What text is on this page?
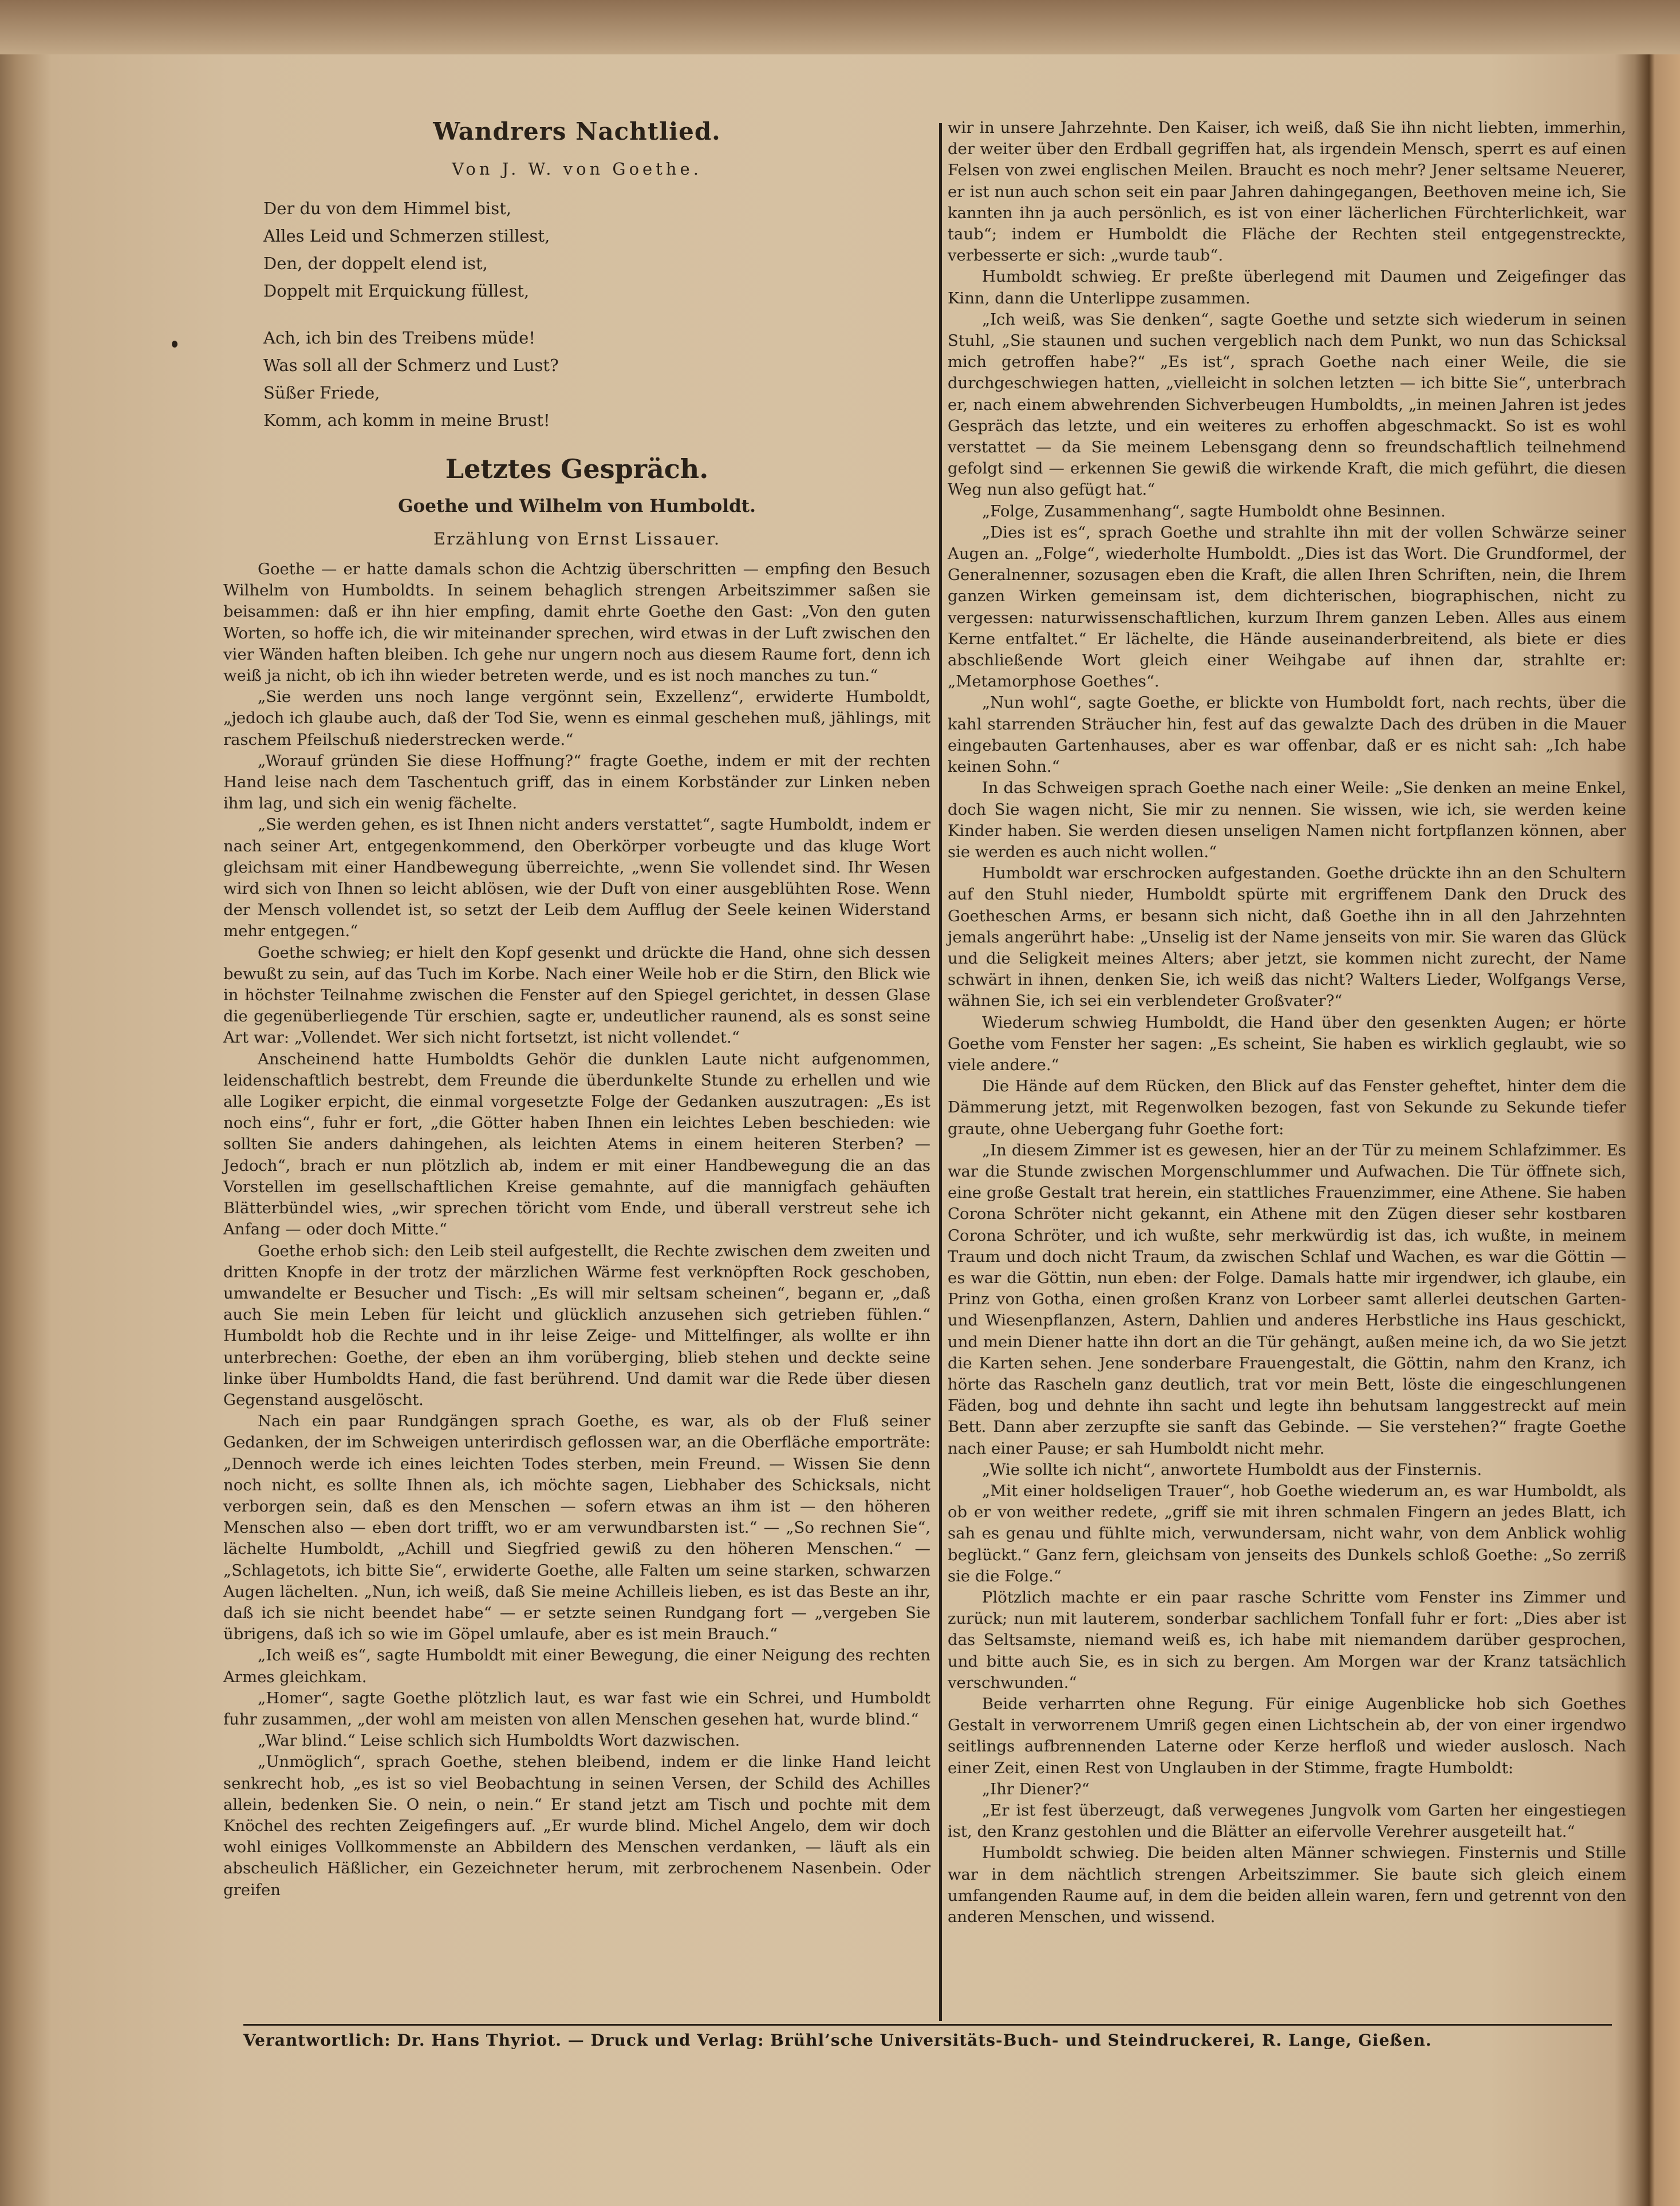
Wandrers Nachtlied.
Von J. W. von Goethe.
Der du von dem Himmel bist,
Alles Leid und Schmerzen stillest,
Den, der doppelt elend ist,
Doppelt mit Erquickung füllest,
Ach, ich bin des Treibens müde!
Was soll all der Schmerz und Lust?
Süßer Friede,
Komm, ach komm in meine Brust!
Letztes Gespräch.
Goethe und Wilhelm von Humboldt.
Erzählung von Ernst Lissauer.

Goethe — er hatte damals schon die Achtzig überschritten — empfing den Besuch Wilhelm von Humboldts. In seinem behaglich strengen Arbeitszimmer saßen sie beisammen: daß er ihn hier empfing, damit ehrte Goethe den Gast: „Von den guten Worten, so hoffe ich, die wir miteinander sprechen, wird etwas in der Luft zwischen den vier Wänden haften bleiben. Ich gehe nur ungern noch aus diesem Raume fort, denn ich weiß ja nicht, ob ich ihn wieder betreten werde, und es ist noch manches zu tun.“

„Sie werden uns noch lange vergönnt sein, Exzellenz“, erwiderte Humboldt, „jedoch ich glaube auch, daß der Tod Sie, wenn es einmal geschehen muß, jählings, mit raschem Pfeilschuß niederstrecken werde.“

„Worauf gründen Sie diese Hoffnung?“ fragte Goethe, indem er mit der rechten Hand leise nach dem Taschentuch griff, das in einem Korbständer zur Linken neben ihm lag, und sich ein wenig fächelte.

„Sie werden gehen, es ist Ihnen nicht anders verstattet“, sagte Humboldt, indem er nach seiner Art, entgegenkommend, den Oberkörper vorbeugte und das kluge Wort gleichsam mit einer Handbewegung überreichte, „wenn Sie vollendet sind. Ihr Wesen wird sich von Ihnen so leicht ablösen, wie der Duft von einer ausgeblühten Rose. Wenn der Mensch vollendet ist, so setzt der Leib dem Aufflug der Seele keinen Widerstand mehr entgegen.“

Goethe schwieg; er hielt den Kopf gesenkt und drückte die Hand, ohne sich dessen bewußt zu sein, auf das Tuch im Korbe. Nach einer Weile hob er die Stirn, den Blick wie in höchster Teilnahme zwischen die Fenster auf den Spiegel gerichtet, in dessen Glase die gegenüberliegende Tür erschien, sagte er, undeutlicher raunend, als es sonst seine Art war: „Vollendet. Wer sich nicht fortsetzt, ist nicht vollendet.“

Anscheinend hatte Humboldts Gehör die dunklen Laute nicht aufgenommen, leidenschaftlich bestrebt, dem Freunde die überdunkelte Stunde zu erhellen und wie alle Logiker erpicht, die einmal vorgesetzte Folge der Gedanken auszutragen: „Es ist noch eins“, fuhr er fort, „die Götter haben Ihnen ein leichtes Leben beschieden: wie sollten Sie anders dahingehen, als leichten Atems in einem heiteren Sterben? — Jedoch“, brach er nun plötzlich ab, indem er mit einer Handbewegung die an das Vorstellen im gesellschaftlichen Kreise gemahnte, auf die mannigfach gehäuften Blätterbündel wies, „wir sprechen töricht vom Ende, und überall verstreut sehe ich Anfang — oder doch Mitte.“

Goethe erhob sich: den Leib steil aufgestellt, die Rechte zwischen dem zweiten und dritten Knopfe in der trotz der märzlichen Wärme fest verknöpften Rock geschoben, umwandelte er Besucher und Tisch: „Es will mir seltsam scheinen“, begann er, „daß auch Sie mein Leben für leicht und glücklich anzusehen sich getrieben fühlen.“ Humboldt hob die Rechte und in ihr leise Zeige- und Mittelfinger, als wollte er ihn unterbrechen: Goethe, der eben an ihm vorüberging, blieb stehen und deckte seine linke über Humboldts Hand, die fast berührend. Und damit war die Rede über diesen Gegenstand ausgelöscht.

Nach ein paar Rundgängen sprach Goethe, es war, als ob der Fluß seiner Gedanken, der im Schweigen unterirdisch geflossen war, an die Oberfläche emporträte: „Dennoch werde ich eines leichten Todes sterben, mein Freund. — Wissen Sie denn noch nicht, es sollte Ihnen als, ich möchte sagen, Liebhaber des Schicksals, nicht verborgen sein, daß es den Menschen — sofern etwas an ihm ist — den höheren Menschen also — eben dort trifft, wo er am verwundbarsten ist.“ — „So rechnen Sie“, lächelte Humboldt, „Achill und Siegfried gewiß zu den höheren Menschen.“ — „Schlagetots, ich bitte Sie“, erwiderte Goethe, alle Falten um seine starken, schwarzen Augen lächelten. „Nun, ich weiß, daß Sie meine Achilleis lieben, es ist das Beste an ihr, daß ich sie nicht beendet habe“ — er setzte seinen Rundgang fort — „vergeben Sie übrigens, daß ich so wie im Göpel umlaufe, aber es ist mein Brauch.“

„Ich weiß es“, sagte Humboldt mit einer Bewegung, die einer Neigung des rechten Armes gleichkam.

„Homer“, sagte Goethe plötzlich laut, es war fast wie ein Schrei, und Humboldt fuhr zusammen, „der wohl am meisten von allen Menschen gesehen hat, wurde blind.“

„War blind.“ Leise schlich sich Humboldts Wort dazwischen.

„Unmöglich“, sprach Goethe, stehen bleibend, indem er die linke Hand leicht senkrecht hob, „es ist so viel Beobachtung in seinen Versen, der Schild des Achilles allein, bedenken Sie. O nein, o nein.“ Er stand jetzt am Tisch und pochte mit dem Knöchel des rechten Zeigefingers auf. „Er wurde blind. Michel Angelo, dem wir doch wohl einiges Vollkommenste an Abbildern des Menschen verdanken, — läuft als ein abscheulich Häßlicher, ein Gezeichneter herum, mit zerbrochenem Nasenbein. Oder greifen

wir in unsere Jahrzehnte. Den Kaiser, ich weiß, daß Sie ihn nicht liebten, immerhin, der weiter über den Erdball gegriffen hat, als irgendein Mensch, sperrt es auf einen Felsen von zwei englischen Meilen. Braucht es noch mehr? Jener seltsame Neuerer, er ist nun auch schon seit ein paar Jahren dahingegangen, Beethoven meine ich, Sie kannten ihn ja auch persönlich, es ist von einer lächerlichen Fürchterlichkeit, war taub“; indem er Humboldt die Fläche der Rechten steil entgegenstreckte, verbesserte er sich: „wurde taub“.

Humboldt schwieg. Er preßte überlegend mit Daumen und Zeigefinger das Kinn, dann die Unterlippe zusammen.

„Ich weiß, was Sie denken“, sagte Goethe und setzte sich wiederum in seinen Stuhl, „Sie staunen und suchen vergeblich nach dem Punkt, wo nun das Schicksal mich getroffen habe?“ „Es ist“, sprach Goethe nach einer Weile, die sie durchgeschwiegen hatten, „vielleicht in solchen letzten — ich bitte Sie“, unterbrach er, nach einem abwehrenden Sichverbeugen Humboldts, „in meinen Jahren ist jedes Gespräch das letzte, und ein weiteres zu erhoffen abgeschmackt. So ist es wohl verstattet — da Sie meinem Lebensgang denn so freundschaftlich teilnehmend gefolgt sind — erkennen Sie gewiß die wirkende Kraft, die mich geführt, die diesen Weg nun also gefügt hat.“

„Folge, Zusammenhang“, sagte Humboldt ohne Besinnen.

„Dies ist es“, sprach Goethe und strahlte ihn mit der vollen Schwärze seiner Augen an. „Folge“, wiederholte Humboldt. „Dies ist das Wort. Die Grundformel, der Generalnenner, sozusagen eben die Kraft, die allen Ihren Schriften, nein, die Ihrem ganzen Wirken gemeinsam ist, dem dichterischen, biographischen, nicht zu vergessen: naturwissenschaftlichen, kurzum Ihrem ganzen Leben. Alles aus einem Kerne entfaltet.“ Er lächelte, die Hände auseinanderbreitend, als biete er dies abschließende Wort gleich einer Weihgabe auf ihnen dar, strahlte er: „Metamorphose Goethes“.

„Nun wohl“, sagte Goethe, er blickte von Humboldt fort, nach rechts, über die kahl starrenden Sträucher hin, fest auf das gewalzte Dach des drüben in die Mauer eingebauten Gartenhauses, aber es war offenbar, daß er es nicht sah: „Ich habe keinen Sohn.“

In das Schweigen sprach Goethe nach einer Weile: „Sie denken an meine Enkel, doch Sie wagen nicht, Sie mir zu nennen. Sie wissen, wie ich, sie werden keine Kinder haben. Sie werden diesen unseligen Namen nicht fortpflanzen können, aber sie werden es auch nicht wollen.“

Humboldt war erschrocken aufgestanden. Goethe drückte ihn an den Schultern auf den Stuhl nieder, Humboldt spürte mit ergriffenem Dank den Druck des Goetheschen Arms, er besann sich nicht, daß Goethe ihn in all den Jahrzehnten jemals angerührt habe: „Unselig ist der Name jenseits von mir. Sie waren das Glück und die Seligkeit meines Alters; aber jetzt, sie kommen nicht zurecht, der Name schwärt in ihnen, denken Sie, ich weiß das nicht? Walters Lieder, Wolfgangs Verse, wähnen Sie, ich sei ein verblendeter Großvater?“

Wiederum schwieg Humboldt, die Hand über den gesenkten Augen; er hörte Goethe vom Fenster her sagen: „Es scheint, Sie haben es wirklich geglaubt, wie so viele andere.“

Die Hände auf dem Rücken, den Blick auf das Fenster geheftet, hinter dem die Dämmerung jetzt, mit Regenwolken bezogen, fast von Sekunde zu Sekunde tiefer graute, ohne Uebergang fuhr Goethe fort:

„In diesem Zimmer ist es gewesen, hier an der Tür zu meinem Schlafzimmer. Es war die Stunde zwischen Morgenschlummer und Aufwachen. Die Tür öffnete sich, eine große Gestalt trat herein, ein stattliches Frauenzimmer, eine Athene. Sie haben Corona Schröter nicht gekannt, ein Athene mit den Zügen dieser sehr kostbaren Corona Schröter, und ich wußte, sehr merkwürdig ist das, ich wußte, in meinem Traum und doch nicht Traum, da zwischen Schlaf und Wachen, es war die Göttin — es war die Göttin, nun eben: der Folge. Damals hatte mir irgendwer, ich glaube, ein Prinz von Gotha, einen großen Kranz von Lorbeer samt allerlei deutschen Garten- und Wiesenpflanzen, Astern, Dahlien und anderes Herbstliche ins Haus geschickt, und mein Diener hatte ihn dort an die Tür gehängt, außen meine ich, da wo Sie jetzt die Karten sehen. Jene sonderbare Frauengestalt, die Göttin, nahm den Kranz, ich hörte das Rascheln ganz deutlich, trat vor mein Bett, löste die eingeschlungenen Fäden, bog und dehnte ihn sacht und legte ihn behutsam langgestreckt auf mein Bett. Dann aber zerzupfte sie sanft das Gebinde. — Sie verstehen?“ fragte Goethe nach einer Pause; er sah Humboldt nicht mehr.

„Wie sollte ich nicht“, anwortete Humboldt aus der Finsternis.

„Mit einer holdseligen Trauer“, hob Goethe wiederum an, es war Humboldt, als ob er von weither redete, „griff sie mit ihren schmalen Fingern an jedes Blatt, ich sah es genau und fühlte mich, verwundersam, nicht wahr, von dem Anblick wohlig beglückt.“ Ganz fern, gleichsam von jenseits des Dunkels schloß Goethe: „So zerriß sie die Folge.“

Plötzlich machte er ein paar rasche Schritte vom Fenster ins Zimmer und zurück; nun mit lauterem, sonderbar sachlichem Tonfall fuhr er fort: „Dies aber ist das Seltsamste, niemand weiß es, ich habe mit niemandem darüber gesprochen, und bitte auch Sie, es in sich zu bergen. Am Morgen war der Kranz tatsächlich verschwunden.“

Beide verharrten ohne Regung. Für einige Augenblicke hob sich Goethes Gestalt in verworrenem Umriß gegen einen Lichtschein ab, der von einer irgendwo seitlings aufbrennenden Laterne oder Kerze herfloß und wieder auslosch. Nach einer Zeit, einen Rest von Unglauben in der Stimme, fragte Humboldt:

„Ihr Diener?“

„Er ist fest überzeugt, daß verwegenes Jungvolk vom Garten her eingestiegen ist, den Kranz gestohlen und die Blätter an eifervolle Verehrer ausgeteilt hat.“

Humboldt schwieg. Die beiden alten Männer schwiegen. Finsternis und Stille war in dem nächtlich strengen Arbeitszimmer. Sie baute sich gleich einem umfangenden Raume auf, in dem die beiden allein waren, fern und getrennt von den anderen Menschen, und wissend.

Verantwortlich: Dr. Hans Thyriot. — Druck und Verlag: Brühl’sche Universitäts-Buch- und Steindruckerei, R. Lange, Gießen.
